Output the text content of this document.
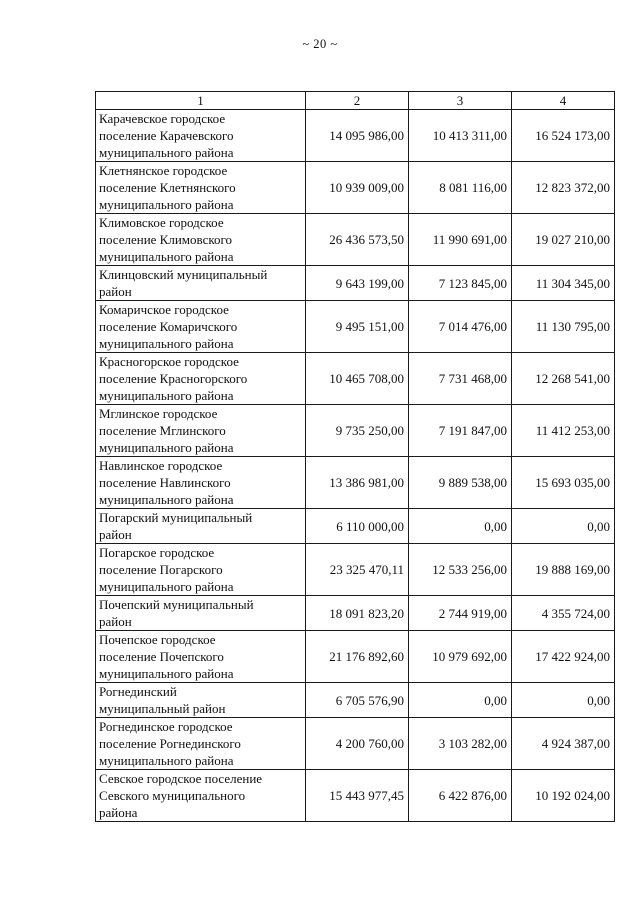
~ 20 ~
1	2	3	4

Карачевское городское
поселение Карачевского
муниципального района	14 095 986,00	10 413 311,00	16 524 173,00

Клетнянское городское
поселение Клетнянского
муниципального района	10 939 009,00	8 081 116,00	12 823 372,00

Климовское городское
поселение Климовского
муниципального района	26 436 573,50	11 990 691,00	19 027 210,00

Клинцовский муниципальный
район	9 643 199,00	7 123 845,00	11 304 345,00

Комаричское городское
поселение Комаричского
муниципального района	9 495 151,00	7 014 476,00	11 130 795,00

Красногорское городское
поселение Красногорского
муниципального района	10 465 708,00	7 731 468,00	12 268 541,00

Мглинское городское
поселение Мглинского
муниципального района	9 735 250,00	7 191 847,00	11 412 253,00

Навлинское городское
поселение Навлинского
муниципального района	13 386 981,00	9 889 538,00	15 693 035,00

Погарский муниципальный
район	6 110 000,00	0,00	0,00

Погарское городское
поселение Погарского
муниципального района	23 325 470,11	12 533 256,00	19 888 169,00

Почепский муниципальный
район	18 091 823,20	2 744 919,00	4 355 724,00

Почепское городское
поселение Почепского
муниципального района	21 176 892,60	10 979 692,00	17 422 924,00

Рогнединский
муниципальный район	6 705 576,90	0,00	0,00

Рогнединское городское
поселение Рогнединского
муниципального района	4 200 760,00	3 103 282,00	4 924 387,00

Севское городское поселение
Севского муниципального
района	15 443 977,45	6 422 876,00	10 192 024,00
